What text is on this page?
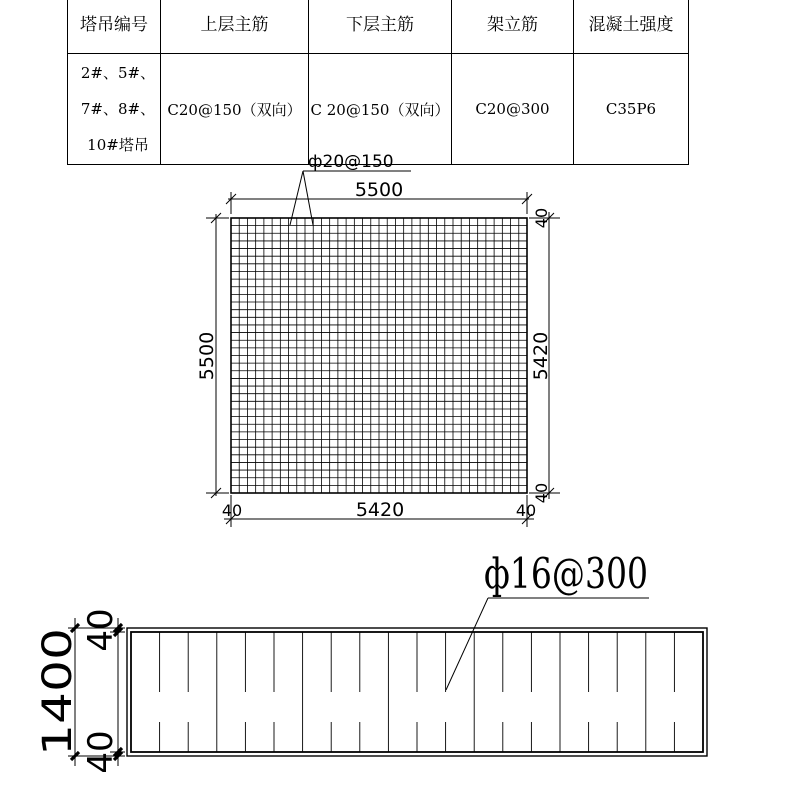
塔吊编号	上层主筋	下层主筋	架立筋	混凝土强度

2#、5#、
7#、8#、
10#塔吊	C20@150（双向）	C 20@150（双向）	C20@300	C35P6
ф20@150
5500
5500	5420
40
40
40	5420	40
ф16@300
1400
40
40
